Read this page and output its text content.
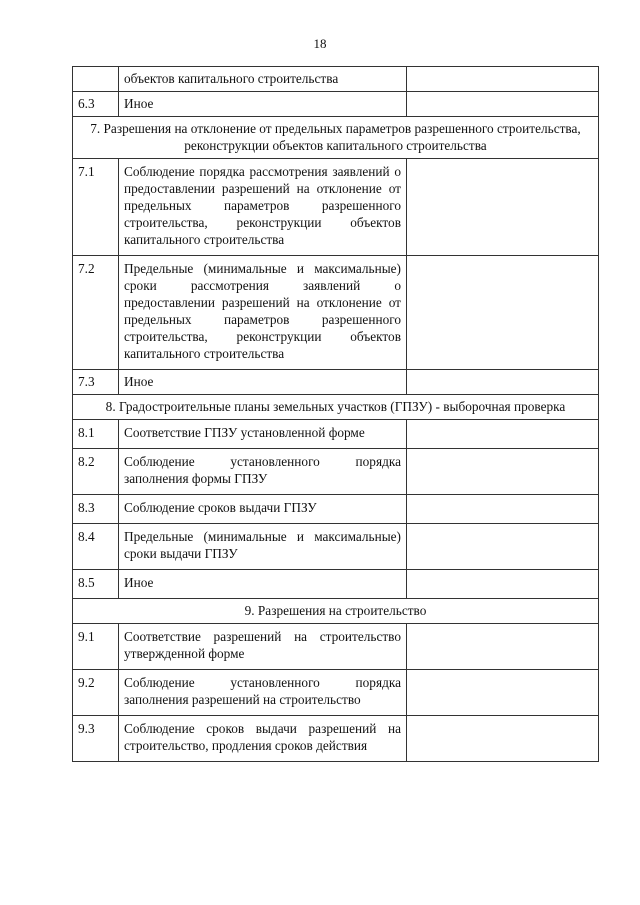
18
	объектов капитального строительства	
6.3	Иное	
7. Разрешения на отклонение от предельных параметров разрешенного строительства, реконструкции объектов капитального строительства		
7.1	Соблюдение порядка рассмотрения заявлений о предоставлении разрешений на отклонение от предельных параметров разрешенного строительства, реконструкции объектов капитального строительства	
7.2	Предельные (минимальные и максимальные) сроки рассмотрения заявлений о предоставлении разрешений на отклонение от предельных параметров разрешенного строительства, реконструкции объектов капитального строительства	
7.3	Иное	
8. Градостроительные планы земельных участков (ГПЗУ) - выборочная проверка		
8.1	Соответствие ГПЗУ установленной форме	
8.2	Соблюдение установленного порядка заполнения формы ГПЗУ	
8.3	Соблюдение сроков выдачи ГПЗУ	
8.4	Предельные (минимальные и максимальные) сроки выдачи ГПЗУ	
8.5	Иное	
9. Разрешения на строительство		
9.1	Соответствие разрешений на строительство утвержденной форме	
9.2	Соблюдение установленного порядка заполнения разрешений на строительство	
9.3	Соблюдение сроков выдачи разрешений на строительство, продления сроков действия	
